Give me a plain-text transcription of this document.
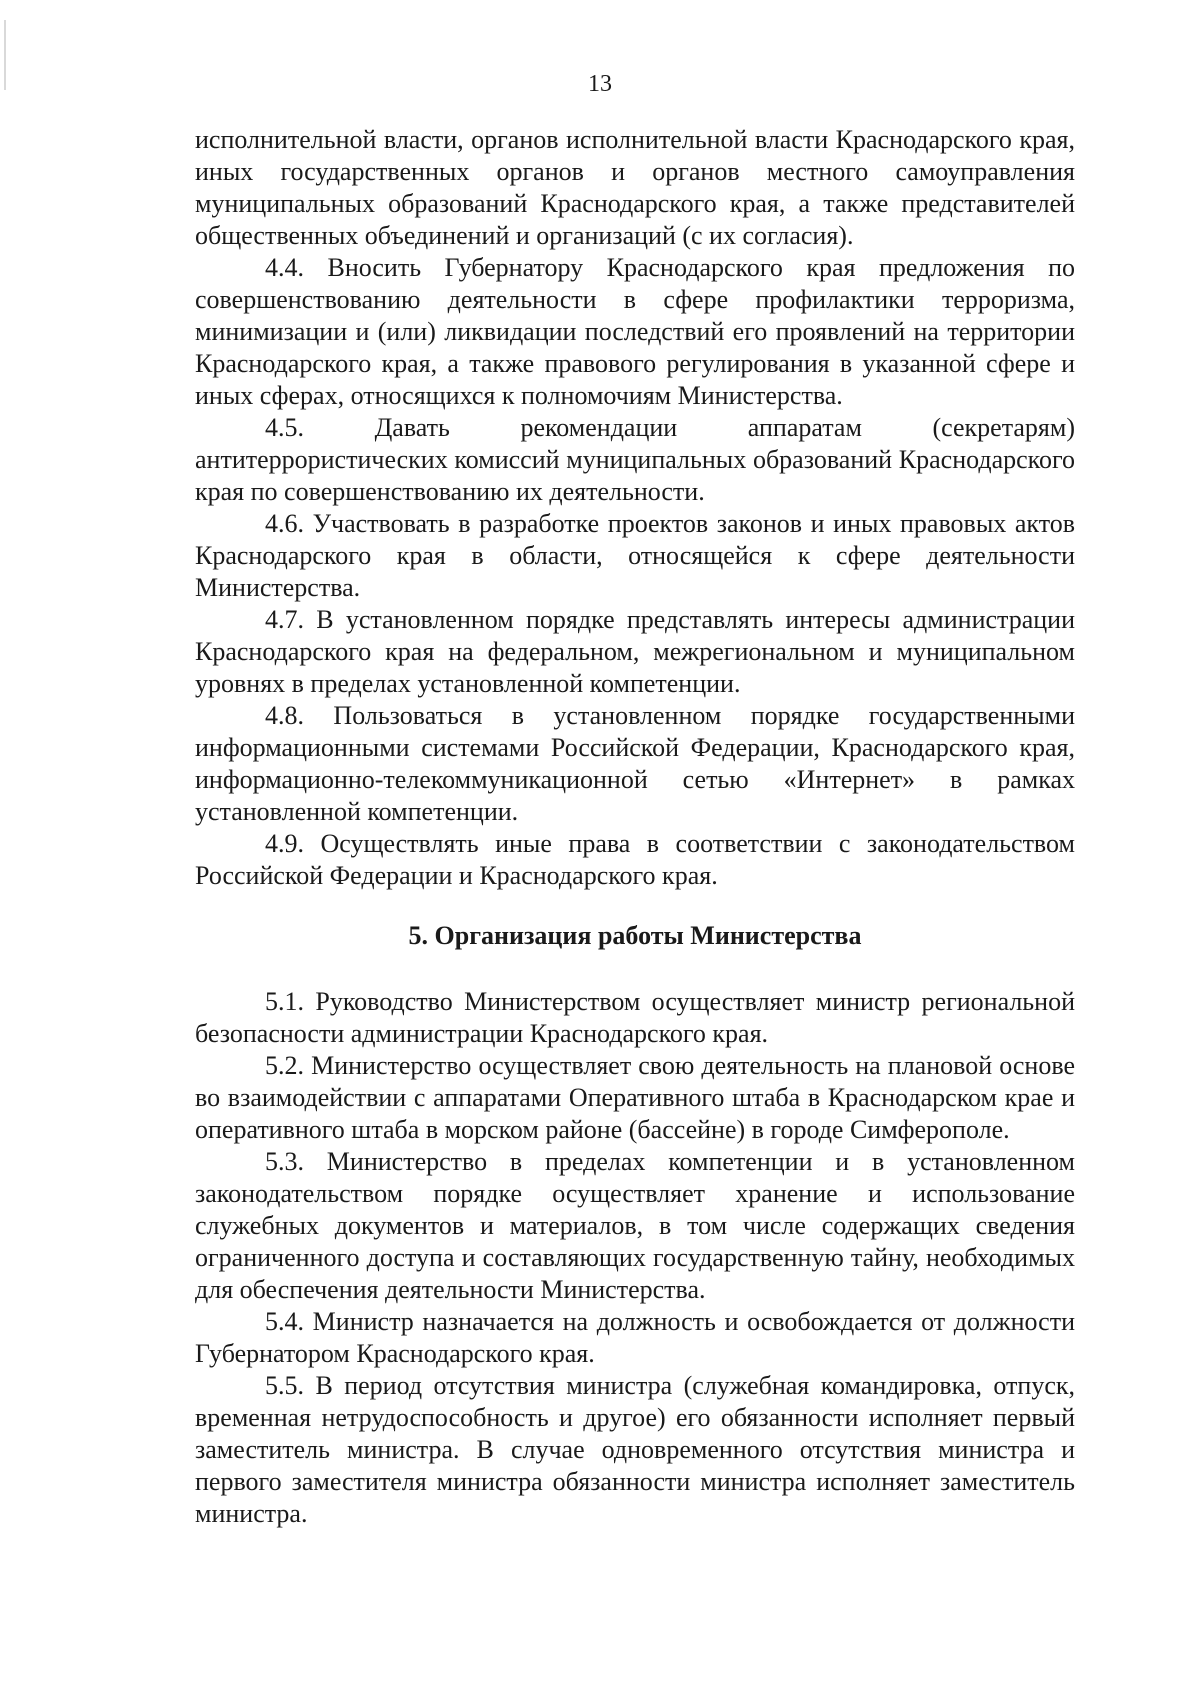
13

исполнительной власти, органов исполнительной власти Краснодарского края, иных государственных органов и органов местного самоуправления муниципальных образований Краснодарского края, а также представителей общественных объединений и организаций (с их согласия).

4.4. Вносить Губернатору Краснодарского края предложения по совершенствованию деятельности в сфере профилактики терроризма, минимизации и (или) ликвидации последствий его проявлений на территории Краснодарского края, а также правового регулирования в указанной сфере и иных сферах, относящихся к полномочиям Министерства.

4.5. Давать рекомендации аппаратам (секретарям) антитеррористических комиссий муниципальных образований Краснодарского края по совершенствованию их деятельности.

4.6. Участвовать в разработке проектов законов и иных правовых актов Краснодарского края в области, относящейся к сфере деятельности Министерства.

4.7. В установленном порядке представлять интересы администрации Краснодарского края на федеральном, межрегиональном и муниципальном уровнях в пределах установленной компетенции.

4.8. Пользоваться в установленном порядке государственными информационными системами Российской Федерации, Краснодарского края, информационно-телекоммуникационной сетью «Интернет» в рамках установленной компетенции.

4.9. Осуществлять иные права в соответствии с законодательством Российской Федерации и Краснодарского края.

5. Организация работы Министерства

5.1. Руководство Министерством осуществляет министр региональной безопасности администрации Краснодарского края.

5.2. Министерство осуществляет свою деятельность на плановой основе во взаимодействии с аппаратами Оперативного штаба в Краснодарском крае и оперативного штаба в морском районе (бассейне) в городе Симферополе.

5.3. Министерство в пределах компетенции и в установленном законодательством порядке осуществляет хранение и использование служебных документов и материалов, в том числе содержащих сведения ограниченного доступа и составляющих государственную тайну, необходимых для обеспечения деятельности Министерства.

5.4. Министр назначается на должность и освобождается от должности Губернатором Краснодарского края.

5.5. В период отсутствия министра (служебная командировка, отпуск, временная нетрудоспособность и другое) его обязанности исполняет первый заместитель министра. В случае одновременного отсутствия министра и первого заместителя министра обязанности министра исполняет заместитель министра.
